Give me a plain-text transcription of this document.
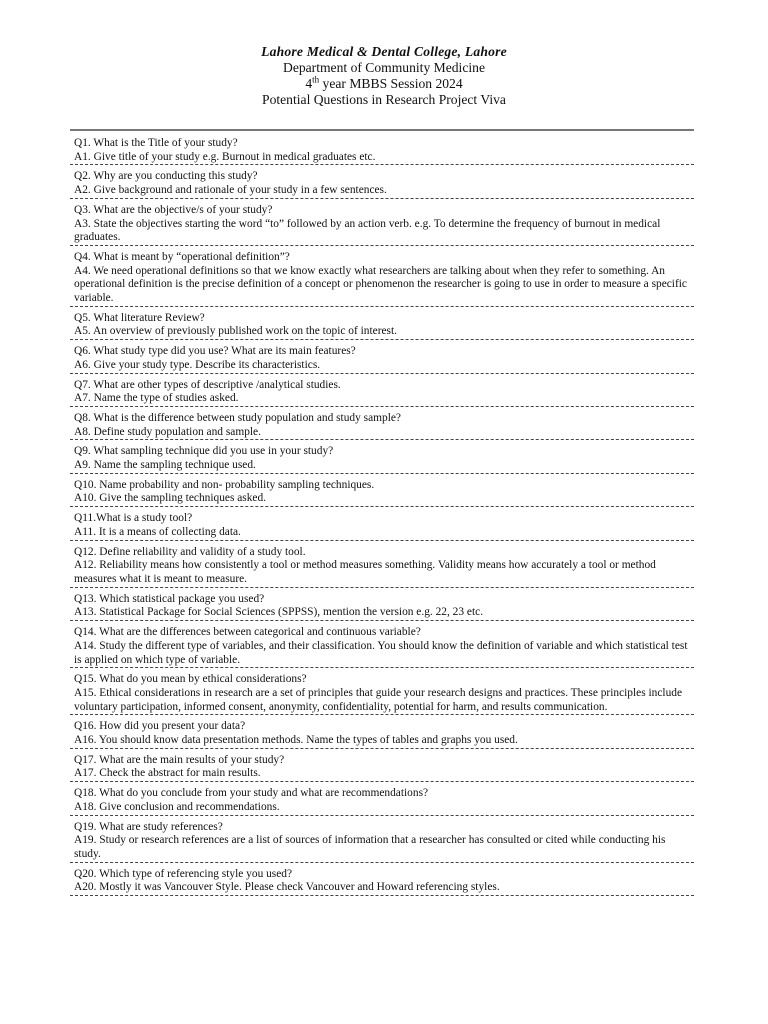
Lahore Medical & Dental College, Lahore

Department of Community Medicine

4th year MBBS Session 2024

Potential Questions in Research Project Viva

Q1. What is the Title of your study?

A1. Give title of your study e.g. Burnout in medical graduates etc.

Q2. Why are you conducting this study?

A2. Give background and rationale of your study in a few sentences.

Q3. What are the objective/s of your study?

A3. State the objectives starting the word “to” followed by an action verb. e.g. To determine the frequency of burnout in medical graduates.

Q4. What is meant by “operational definition”?

A4. We need operational definitions so that we know exactly what researchers are talking about when they refer to something. An operational definition is the precise definition of a concept or phenomenon the researcher is going to use in order to measure a specific variable.

Q5. What literature Review?

A5. An overview of previously published work on the topic of interest.

Q6. What study type did you use? What are its main features?

A6. Give your study type. Describe its characteristics.

Q7. What are other types of descriptive /analytical studies.

A7. Name the type of studies asked.

Q8. What is the difference between study population and study sample?

A8. Define study population and sample.

Q9. What sampling technique did you use in your study?

A9. Name the sampling technique used.

Q10. Name probability and non- probability sampling techniques.

A10. Give the sampling techniques asked.

Q11.What is a study tool?

A11. It is a means of collecting data.

Q12. Define reliability and validity of a study tool.

A12. Reliability means how consistently a tool or method measures something. Validity means how accurately a tool or method measures what it is meant to measure.

Q13. Which statistical package you used?

A13. Statistical Package for Social Sciences (SPPSS), mention the version e.g. 22, 23 etc.

Q14. What are the differences between categorical and continuous variable?

A14. Study the different type of variables, and their classification. You should know the definition of variable and which statistical test is applied on which type of variable.

Q15. What do you mean by ethical considerations?

A15. Ethical considerations in research are a set of principles that guide your research designs and practices. These principles include voluntary participation, informed consent, anonymity, confidentiality, potential for harm, and results communication.

Q16. How did you present your data?

A16. You should know data presentation methods. Name the types of tables and graphs you used.

Q17. What are the main results of your study?

A17. Check the abstract for main results.

Q18. What do you conclude from your study and what are recommendations?

A18. Give conclusion and recommendations.

Q19. What are study references?

A19. Study or research references are a list of sources of information that a researcher has consulted or cited while conducting his study.

Q20. Which type of referencing style you used?

A20. Mostly it was Vancouver Style. Please check Vancouver and Howard referencing styles.
